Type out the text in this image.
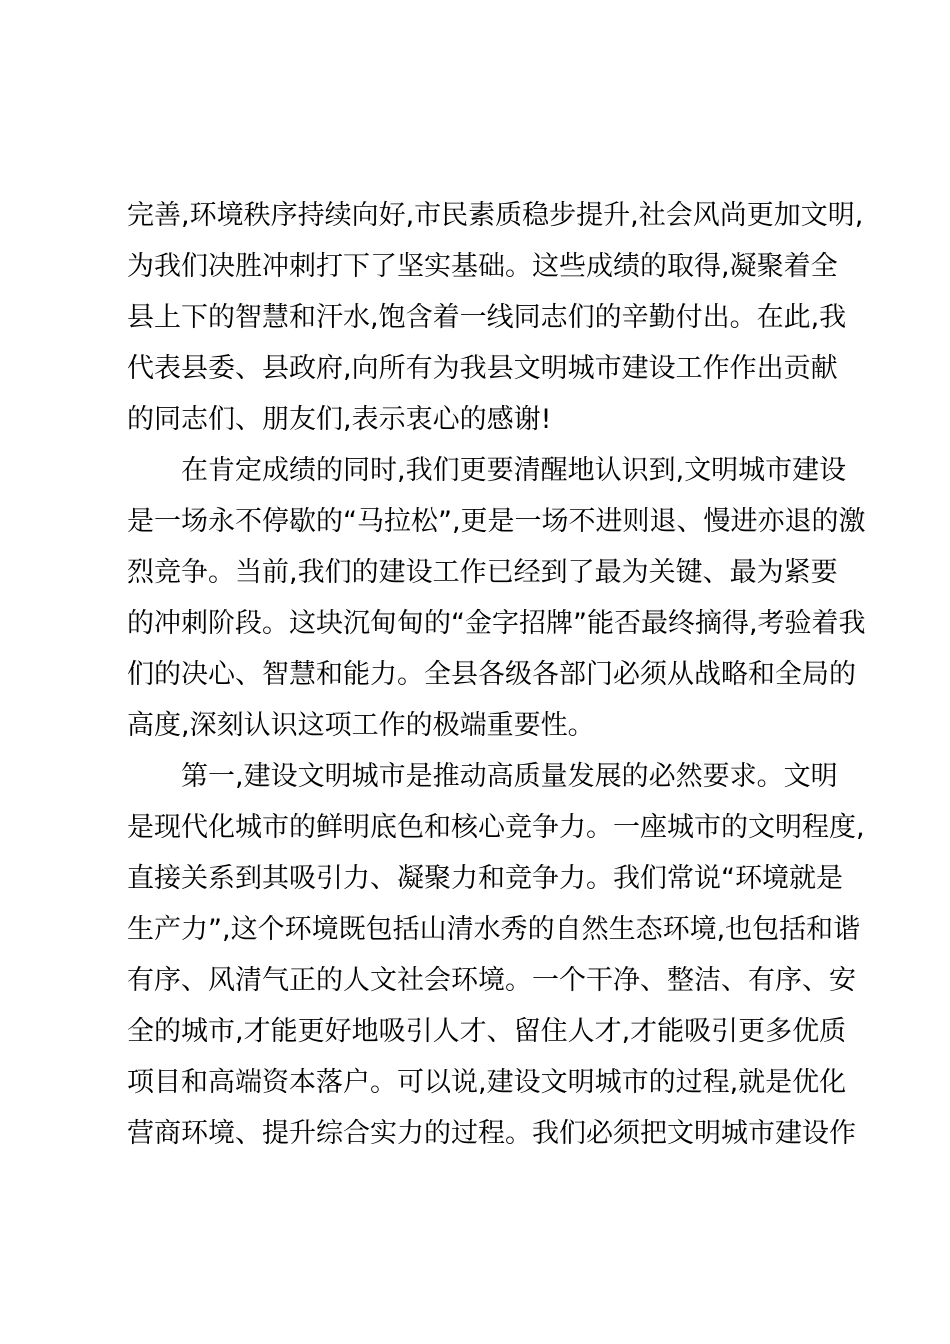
完善,环境秩序持续向好,市民素质稳步提升,社会风尚更加文明,
为我们决胜冲刺打下了坚实基础。这些成绩的取得,凝聚着全
县上下的智慧和汗水,饱含着一线同志们的辛勤付出。在此,我
代表县委、县政府,向所有为我县文明城市建设工作作出贡献
的同志们、朋友们,表示衷心的感谢!
在肯定成绩的同时,我们更要清醒地认识到,文明城市建设
是一场永不停歇的“马拉松”,更是一场不进则退、慢进亦退的激
烈竞争。当前,我们的建设工作已经到了最为关键、最为紧要
的冲刺阶段。这块沉甸甸的“金字招牌”能否最终摘得,考验着我
们的决心、智慧和能力。全县各级各部门必须从战略和全局的
高度,深刻认识这项工作的极端重要性。
第一,建设文明城市是推动高质量发展的必然要求。文明
是现代化城市的鲜明底色和核心竞争力。一座城市的文明程度,
直接关系到其吸引力、凝聚力和竞争力。我们常说“环境就是
生产力”,这个环境既包括山清水秀的自然生态环境,也包括和谐
有序、风清气正的人文社会环境。一个干净、整洁、有序、安
全的城市,才能更好地吸引人才、留住人才,才能吸引更多优质
项目和高端资本落户。可以说,建设文明城市的过程,就是优化
营商环境、提升综合实力的过程。我们必须把文明城市建设作
